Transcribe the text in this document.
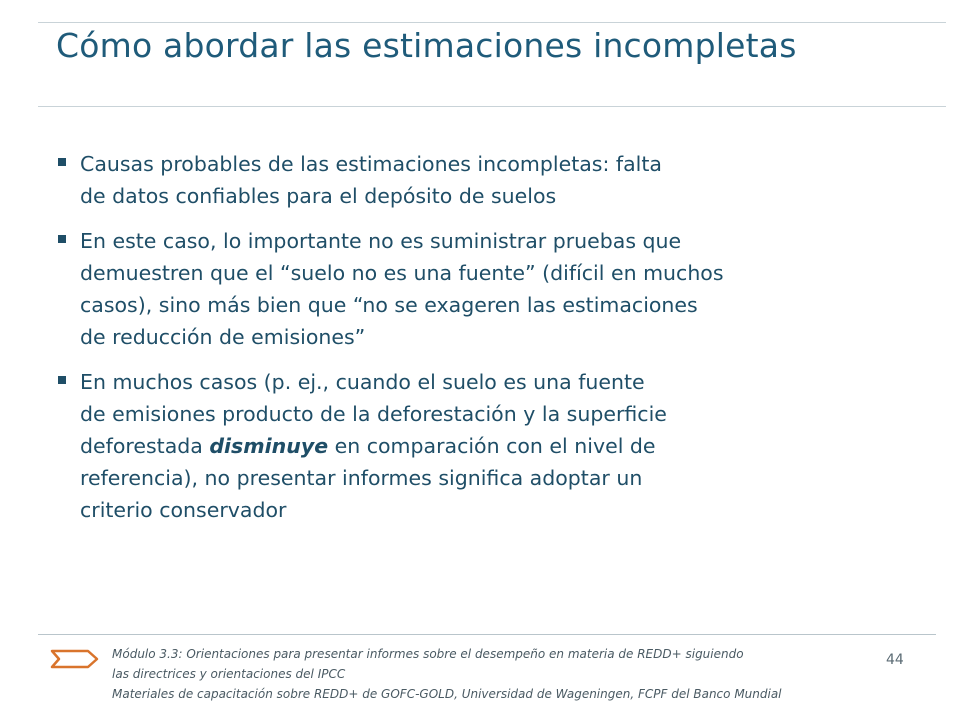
Cómo abordar las estimaciones incompletas
Causas probables de las estimaciones incompletas: falta
de datos confiables para el depósito de suelos
En este caso, lo importante no es suministrar pruebas que
demuestren que el “suelo no es una fuente” (difícil en muchos
casos), sino más bien que “no se exageren las estimaciones
de reducción de emisiones”
En muchos casos (p. ej., cuando el suelo es una fuente
de emisiones producto de la deforestación y la superficie
deforestada disminuye en comparación con el nivel de
referencia), no presentar informes significa adoptar un
criterio conservador
Módulo 3.3: Orientaciones para presentar informes sobre el desempeño en materia de REDD+ siguiendo
las directrices y orientaciones del IPCC
Materiales de capacitación sobre REDD+ de GOFC-GOLD, Universidad de Wageningen, FCPF del Banco Mundial
44
